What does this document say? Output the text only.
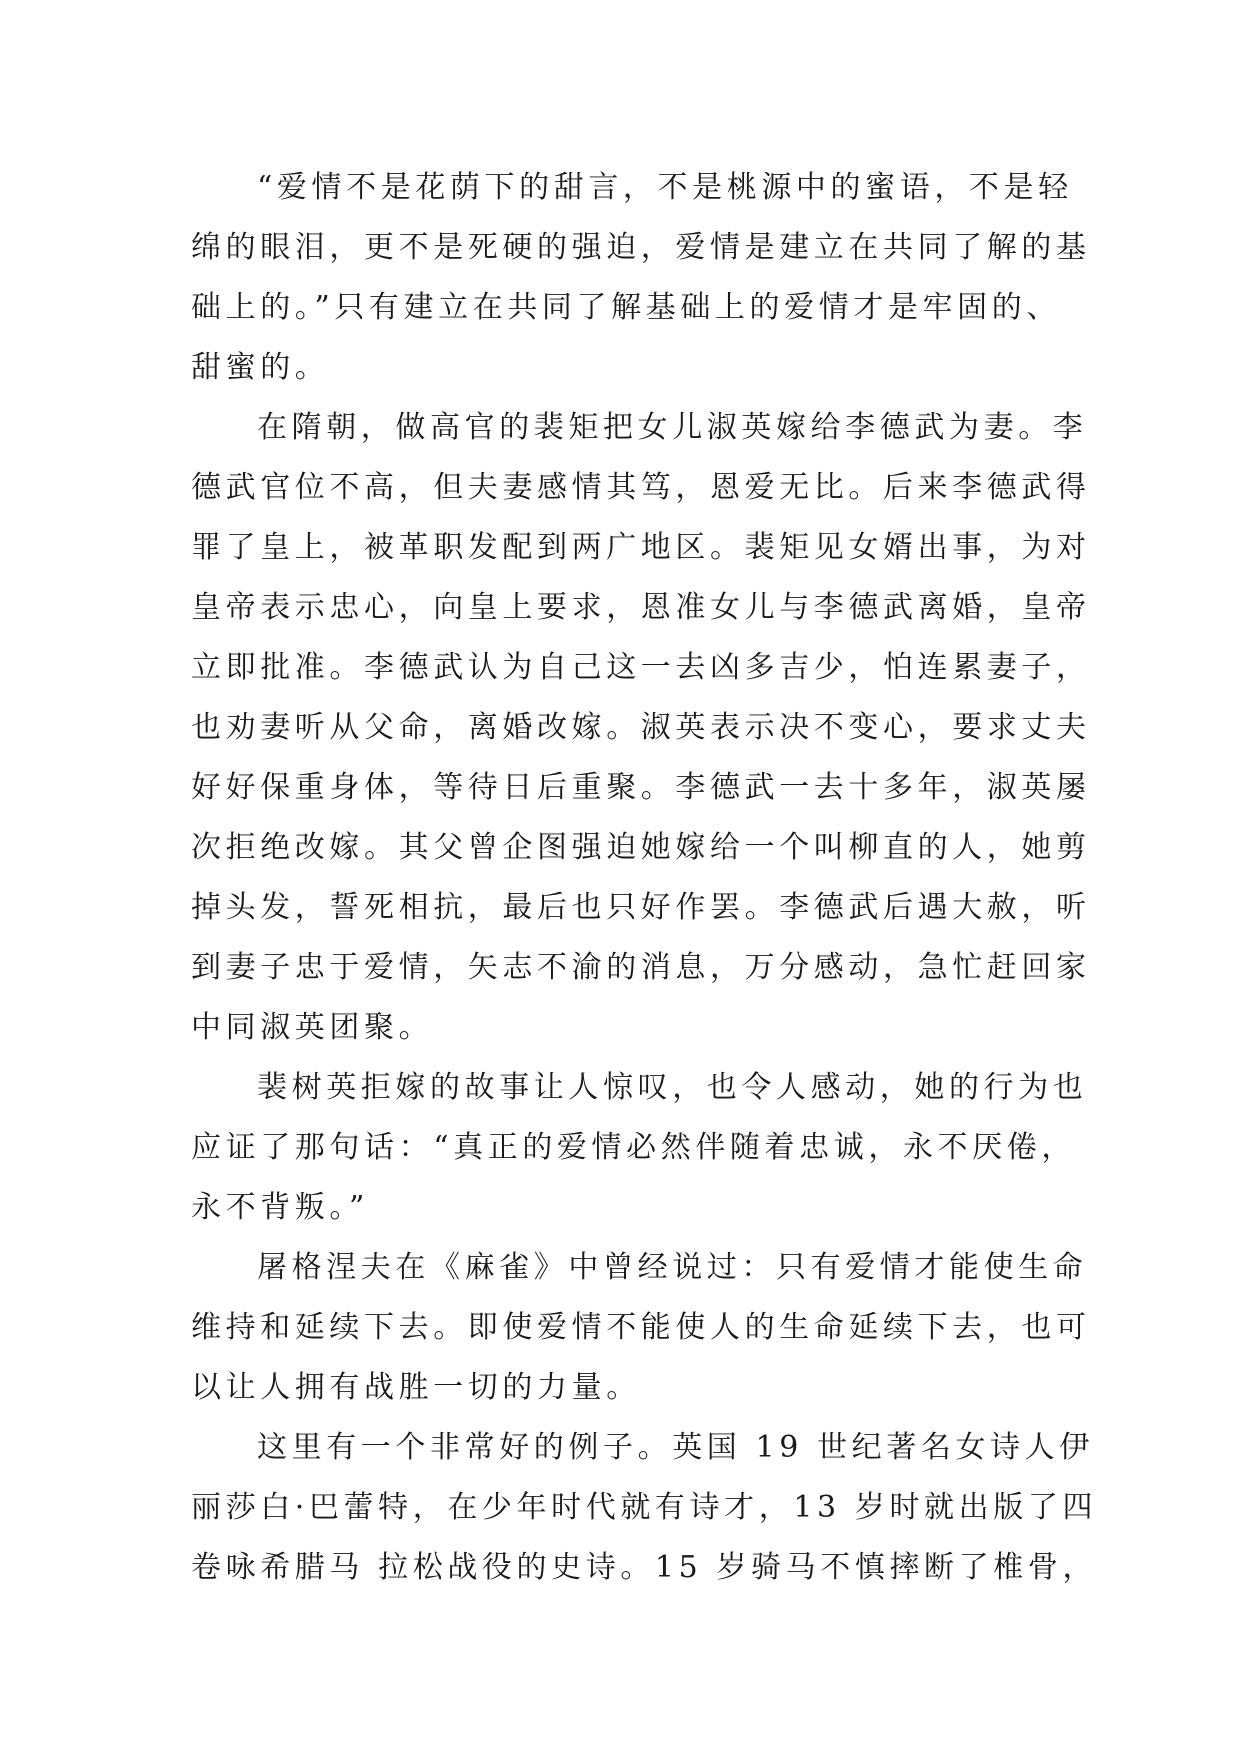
“爱情不是花荫下的甜言，不是桃源中的蜜语，不是轻
绵的眼泪，更不是死硬的强迫，爱情是建立在共同了解的基
础上的。”只有建立在共同了解基础上的爱情才是牢固的、
甜蜜的。
在隋朝，做高官的裴矩把女儿淑英嫁给李德武为妻。李
德武官位不高，但夫妻感情其笃，恩爱无比。后来李德武得
罪了皇上，被革职发配到两广地区。裴矩见女婿出事，为对
皇帝表示忠心，向皇上要求，恩准女儿与李德武离婚，皇帝
立即批准。李德武认为自己这一去凶多吉少，怕连累妻子，
也劝妻听从父命，离婚改嫁。淑英表示决不变心，要求丈夫
好好保重身体，等待日后重聚。李德武一去十多年，淑英屡
次拒绝改嫁。其父曾企图强迫她嫁给一个叫柳直的人，她剪
掉头发，誓死相抗，最后也只好作罢。李德武后遇大赦，听
到妻子忠于爱情，矢志不渝的消息，万分感动，急忙赶回家
中同淑英团聚。
裴树英拒嫁的故事让人惊叹，也令人感动，她的行为也
应证了那句话：“真正的爱情必然伴随着忠诚，永不厌倦，
永不背叛。”
屠格涅夫在《麻雀》中曾经说过：只有爱情才能使生命
维持和延续下去。即使爱情不能使人的生命延续下去，也可
以让人拥有战胜一切的力量。
这里有一个非常好的例子。英国 19 世纪著名女诗人伊
丽莎白·巴蕾特，在少年时代就有诗才，13 岁时就出版了四
卷咏希腊马 拉松战役的史诗。15 岁骑马不慎摔断了椎骨，
